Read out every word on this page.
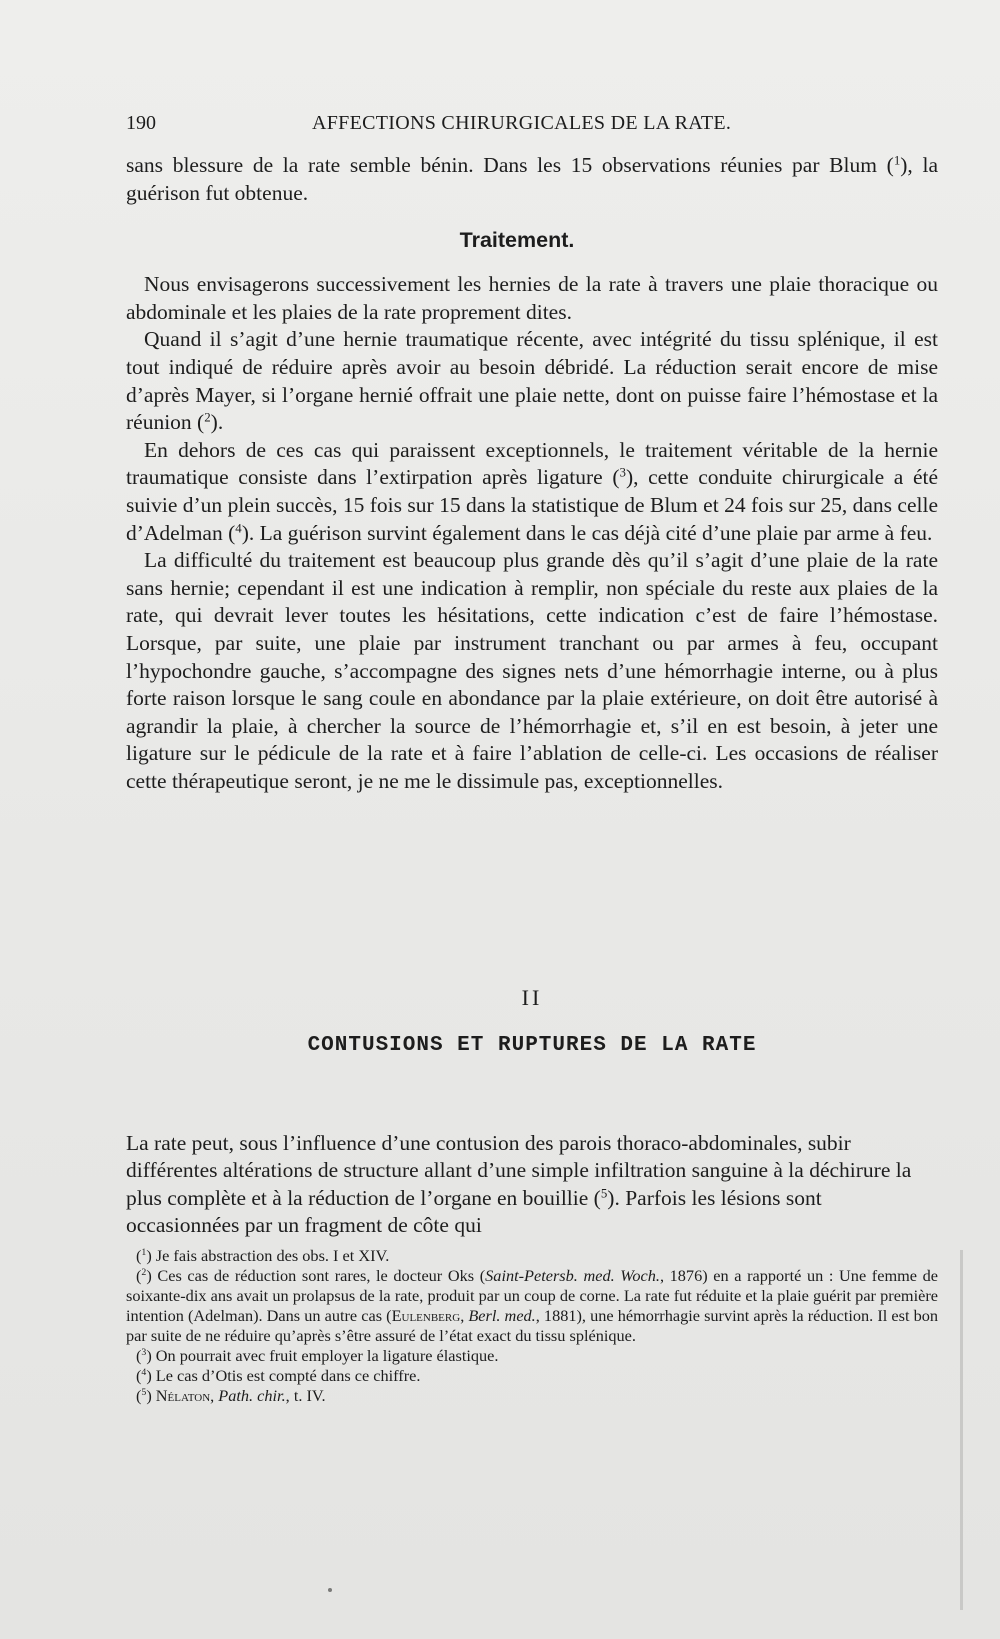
190	AFFECTIONS CHIRURGICALES DE LA RATE.

sans blessure de la rate semble bénin. Dans les 15 observations réunies par Blum ($^1$), la guérison fut obtenue.

Traitement.

Nous envisagerons successivement les hernies de la rate à travers une plaie thoracique ou abdominale et les plaies de la rate proprement dites.

Quand il s’agit d’une hernie traumatique récente, avec intégrité du tissu splénique, il est tout indiqué de réduire après avoir au besoin débridé. La réduction serait encore de mise d’après Mayer, si l’organe hernié offrait une plaie nette, dont on puisse faire l’hémostase et la réunion ($^2$).

En dehors de ces cas qui paraissent exceptionnels, le traitement véritable de la hernie traumatique consiste dans l’extirpation après ligature ($^3$), cette conduite chirurgicale a été suivie d’un plein succès, 15 fois sur 15 dans la statistique de Blum et 24 fois sur 25, dans celle d’Adelman ($^4$). La guérison survint également dans le cas déjà cité d’une plaie par arme à feu.

La difficulté du traitement est beaucoup plus grande dès qu’il s’agit d’une plaie de la rate sans hernie; cependant il est une indication à remplir, non spéciale du reste aux plaies de la rate, qui devrait lever toutes les hésitations, cette indication c’est de faire l’hémostase. Lorsque, par suite, une plaie par instrument tranchant ou par armes à feu, occupant l’hypochondre gauche, s’accompagne des signes nets d’une hémorrhagie interne, ou à plus forte raison lorsque le sang coule en abondance par la plaie extérieure, on doit être autorisé à agrandir la plaie, à chercher la source de l’hémorrhagie et, s’il en est besoin, à jeter une ligature sur le pédicule de la rate et à faire l’ablation de celle-ci. Les occasions de réaliser cette thérapeutique seront, je ne me le dissimule pas, exceptionnelles.

II
CONTUSIONS ET RUPTURES DE LA RATE

La rate peut, sous l’influence d’une contusion des parois thoraco-abdominales, subir différentes altérations de structure allant d’une simple infiltration sanguine à la déchirure la plus complète et à la réduction de l’organe en bouillie ($^5$). Parfois les lésions sont occasionnées par un fragment de côte qui

($^1$) Je fais abstraction des obs. I et XIV.

($^2$) Ces cas de réduction sont rares, le docteur Oks (Saint-Petersb. med. Woch., 1876) en a rapporté un : Une femme de soixante-dix ans avait un prolapsus de la rate, produit par un coup de corne. La rate fut réduite et la plaie guérit par première intention (Adelman). Dans un autre cas (Eulenberg, Berl. med., 1881), une hémorrhagie survint après la réduction. Il est bon par suite de ne réduire qu’après s’être assuré de l’état exact du tissu splénique.

($^3$) On pourrait avec fruit employer la ligature élastique.

($^4$) Le cas d’Otis est compté dans ce chiffre.

($^5$) Nélaton, Path. chir., t. IV.
